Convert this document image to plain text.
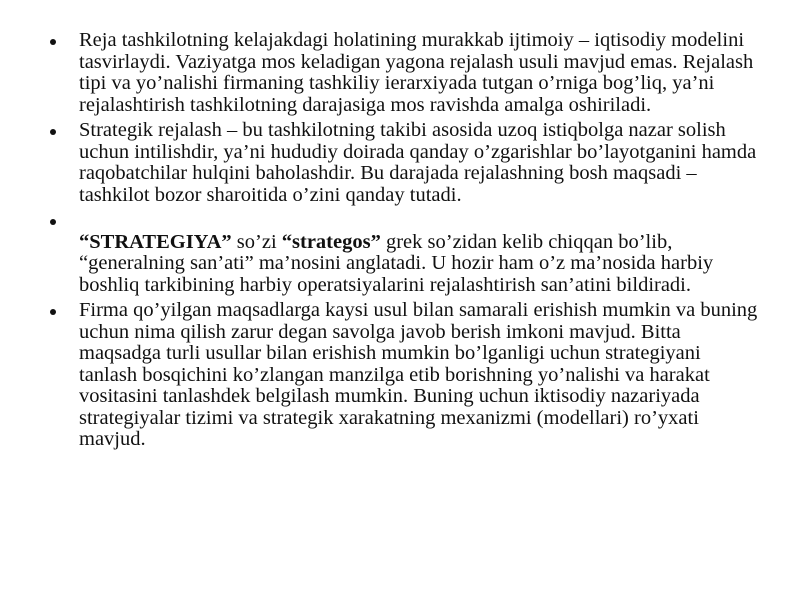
Reja tashkilotning kelajakdagi holatining murakkab ijtimoiy – iqtisodiy modelini tasvirlaydi. Vaziyatga mos keladigan yagona rejalash usuli mavjud emas. Rejalash tipi va yo’nalishi firmaning tashkiliy ierarxiyada tutgan o’rniga bog’liq, ya’ni rejalashtirish tashkilotning darajasiga mos ravishda amalga oshiriladi.
Strategik rejalash – bu tashkilotning takibi asosida uzoq istiqbolga nazar solish uchun intilishdir, ya’ni hududiy doirada qanday o’zgarishlar bo’layotganini hamda raqobatchilar hulqini baholashdir. Bu darajada rejalashning bosh maqsadi – tashkilot bozor sharoitida o’zini qanday tutadi.
“STRATEGIYA” so’zi “strategos” grek so’zidan kelib chiqqan bo’lib, “generalning san’ati” ma’nosini anglatadi. U hozir ham o’z ma’nosida harbiy boshliq tarkibining harbiy operatsiyalarini rejalashtirish san’atini bildiradi.
Firma qo’yilgan maqsadlarga kaysi usul bilan samarali erishish mumkin va buning uchun nima qilish zarur degan savolga javob berish imkoni mavjud. Bitta maqsadga turli usullar bilan erishish mumkin bo’lganligi uchun strategiyani tanlash bosqichini ko’zlangan manzilga etib borishning yo’nalishi va harakat vositasini tanlashdek belgilash mumkin. Buning uchun iktisodiy nazariyada strategiyalar tizimi va strategik xarakatning mexanizmi (modellari) ro’yxati mavjud.
